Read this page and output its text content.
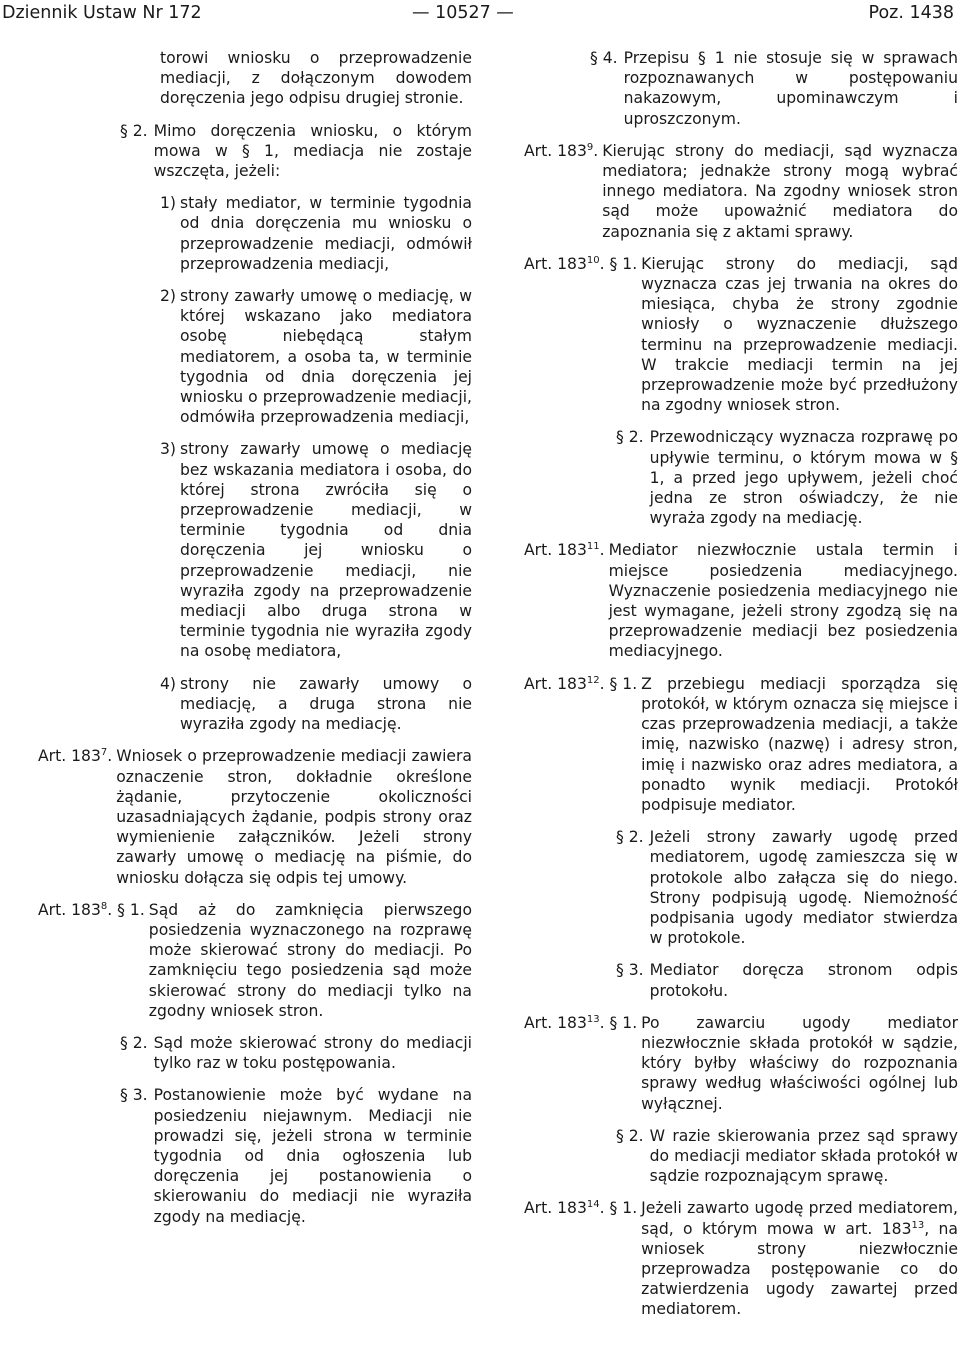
Dziennik Ustaw Nr 172	— 10527 —	Poz. 1438
torowi wniosku o przeprowadzenie mediacji, z dołączonym dowodem doręczenia jego odpisu drugiej stronie.
§ 2. Mimo doręczenia wniosku, o którym mowa w § 1, mediacja nie zostaje wszczęta, jeżeli:
1) stały mediator, w terminie tygodnia od dnia doręczenia mu wniosku o przeprowadzenie mediacji, odmówił przeprowadzenia mediacji,
2) strony zawarły umowę o mediację, w której wskazano jako mediatora osobę niebędącą stałym mediatorem, a osoba ta, w terminie tygodnia od dnia doręczenia jej wniosku o przeprowadzenie mediacji, odmówiła przeprowadzenia mediacji,
3) strony zawarły umowę o mediację bez wskazania mediatora i osoba, do której strona zwróciła się o przeprowadzenie mediacji, w terminie tygodnia od dnia doręczenia jej wniosku o przeprowadzenie mediacji, nie wyraziła zgody na przeprowadzenie mediacji albo druga strona w terminie tygodnia nie wyraziła zgody na osobę mediatora,
4) strony nie zawarły umowy o mediację, a druga strona nie wyraziła zgody na mediację.
Art. $183^7$. Wniosek o przeprowadzenie mediacji zawiera oznaczenie stron, dokładnie określone żądanie, przytoczenie okoliczności uzasadniających żądanie, podpis strony oraz wymienienie załączników. Jeżeli strony zawarły umowę o mediację na piśmie, do wniosku dołącza się odpis tej umowy.
Art. $183^8$. § 1. Sąd aż do zamknięcia pierwszego posiedzenia wyznaczonego na rozprawę może skierować strony do mediacji. Po zamknięciu tego posiedzenia sąd może skierować strony do mediacji tylko na zgodny wniosek stron.
§ 2. Sąd może skierować strony do mediacji tylko raz w toku postępowania.
§ 3. Postanowienie może być wydane na posiedzeniu niejawnym. Mediacji nie prowadzi się, jeżeli strona w terminie tygodnia od dnia ogłoszenia lub doręczenia jej postanowienia o skierowaniu do mediacji nie wyraziła zgody na mediację.
§ 4. Przepisu § 1 nie stosuje się w sprawach rozpoznawanych w postępowaniu nakazowym, upominawczym i uproszczonym.
Art. $183^9$. Kierując strony do mediacji, sąd wyznacza mediatora; jednakże strony mogą wybrać innego mediatora. Na zgodny wniosek stron sąd może upoważnić mediatora do zapoznania się z aktami sprawy.
Art. $183^{10}$. § 1. Kierując strony do mediacji, sąd wyznacza czas jej trwania na okres do miesiąca, chyba że strony zgodnie wniosły o wyznaczenie dłuższego terminu na przeprowadzenie mediacji. W trakcie mediacji termin na jej przeprowadzenie może być przedłużony na zgodny wniosek stron.
§ 2. Przewodniczący wyznacza rozprawę po upływie terminu, o którym mowa w § 1, a przed jego upływem, jeżeli choć jedna ze stron oświadczy, że nie wyraża zgody na mediację.
Art. $183^{11}$. Mediator niezwłocznie ustala termin i miejsce posiedzenia mediacyjnego. Wyznaczenie posiedzenia mediacyjnego nie jest wymagane, jeżeli strony zgodzą się na przeprowadzenie mediacji bez posiedzenia mediacyjnego.
Art. $183^{12}$. § 1. Z przebiegu mediacji sporządza się protokół, w którym oznacza się miejsce i czas przeprowadzenia mediacji, a także imię, nazwisko (nazwę) i adresy stron, imię i nazwisko oraz adres mediatora, a ponadto wynik mediacji. Protokół podpisuje mediator.
§ 2. Jeżeli strony zawarły ugodę przed mediatorem, ugodę zamieszcza się w protokole albo załącza się do niego. Strony podpisują ugodę. Niemożność podpisania ugody mediator stwierdza w protokole.
§ 3. Mediator doręcza stronom odpis protokołu.
Art. $183^{13}$. § 1. Po zawarciu ugody mediator niezwłocznie składa protokół w sądzie, który byłby właściwy do rozpoznania sprawy według właściwości ogólnej lub wyłącznej.
§ 2. W razie skierowania przez sąd sprawy do mediacji mediator składa protokół w sądzie rozpoznającym sprawę.
Art. $183^{14}$. § 1. Jeżeli zawarto ugodę przed mediatorem, sąd, o którym mowa w art. $183^{13}$, na wniosek strony niezwłocznie przeprowadza postępowanie co do zatwierdzenia ugody zawartej przed mediatorem.
